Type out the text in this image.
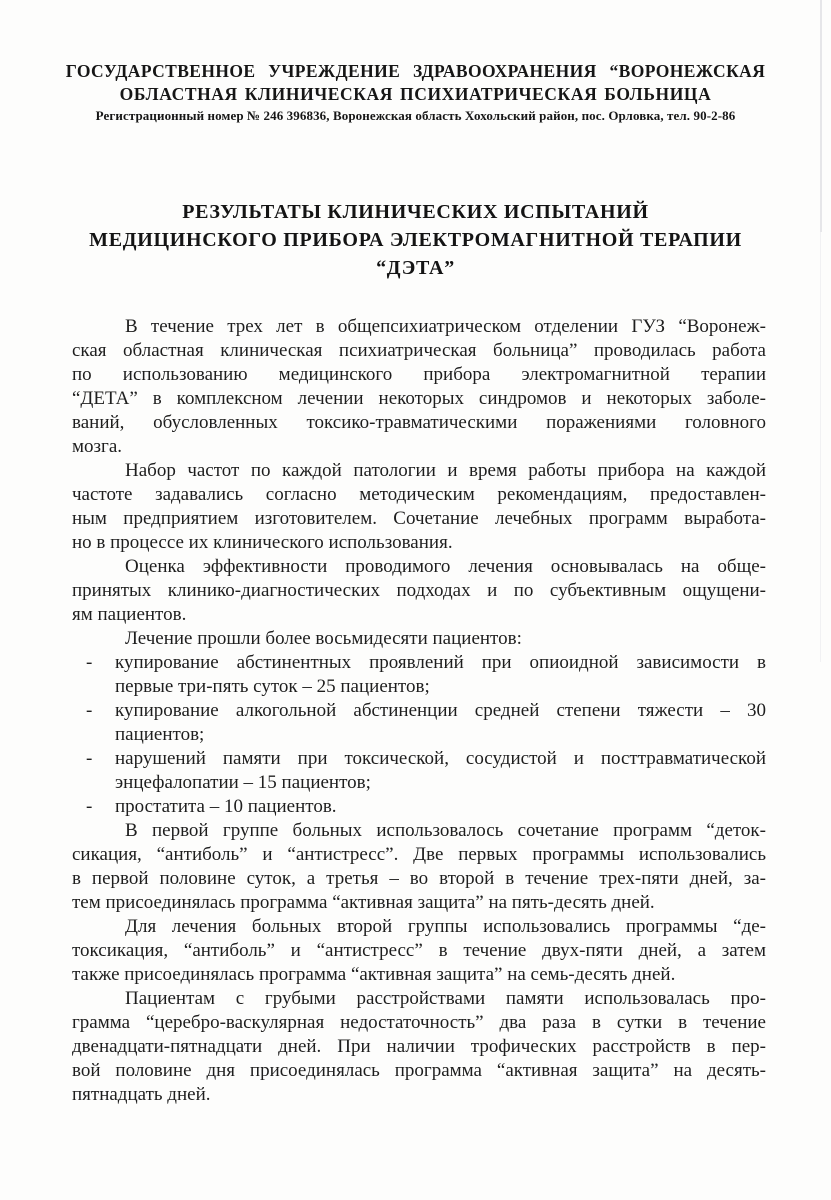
ГОСУДАРСТВЕННОЕ УЧРЕЖДЕНИЕ ЗДРАВООХРАНЕНИЯ “ВОРОНЕЖСКАЯ
ОБЛАСТНАЯ КЛИНИЧЕСКАЯ ПСИХИАТРИЧЕСКАЯ БОЛЬНИЦА
Регистрационный номер № 246 396836, Воронежская область Хохольский район, пос. Орловка, тел. 90-2-86
РЕЗУЛЬТАТЫ КЛИНИЧЕСКИХ ИСПЫТАНИЙ
МЕДИЦИНСКОГО ПРИБОРА ЭЛЕКТРОМАГНИТНОЙ ТЕРАПИИ
“ДЭТА”
В течение трех лет в общепсихиатрическом отделении ГУЗ “Воронеж-
ская областная клиническая психиатрическая больница” проводилась работа
по использованию медицинского прибора электромагнитной терапии
“ДЕТА” в комплексном лечении некоторых синдромов и некоторых заболе-
ваний, обусловленных токсико-травматическими поражениями головного
мозга.
Набор частот по каждой патологии и время работы прибора на каждой
частоте задавались согласно методическим рекомендациям, предоставлен-
ным предприятием изготовителем. Сочетание лечебных программ выработа-
но в процессе их клинического использования.
Оценка эффективности проводимого лечения основывалась на обще-
принятых клинико-диагностических подходах и по субъективным ощущени-
ям пациентов.
Лечение прошли более восьмидесяти пациентов:
- купирование абстинентных проявлений при опиоидной зависимости в
первые три-пять суток – 25 пациентов;
- купирование алкогольной абстиненции средней степени тяжести – 30
пациентов;
- нарушений памяти при токсической, сосудистой и посттравматической
энцефалопатии – 15 пациентов;
- простатита – 10 пациентов.
В первой группе больных использовалось сочетание программ “деток-
сикация, “антиболь” и “антистресс”. Две первых программы использовались
в первой половине суток, а третья – во второй в течение трех-пяти дней, за-
тем присоединялась программа “активная защита” на пять-десять дней.
Для лечения больных второй группы использовались программы “де-
токсикация, “антиболь” и “антистресс” в течение двух-пяти дней, а затем
также присоединялась программа “активная защита” на семь-десять дней.
Пациентам с грубыми расстройствами памяти использовалась про-
грамма “церебро-васкулярная недостаточность” два раза в сутки в течение
двенадцати-пятнадцати дней. При наличии трофических расстройств в пер-
вой половине дня присоединялась программа “активная защита” на десять-
пятнадцать дней.
